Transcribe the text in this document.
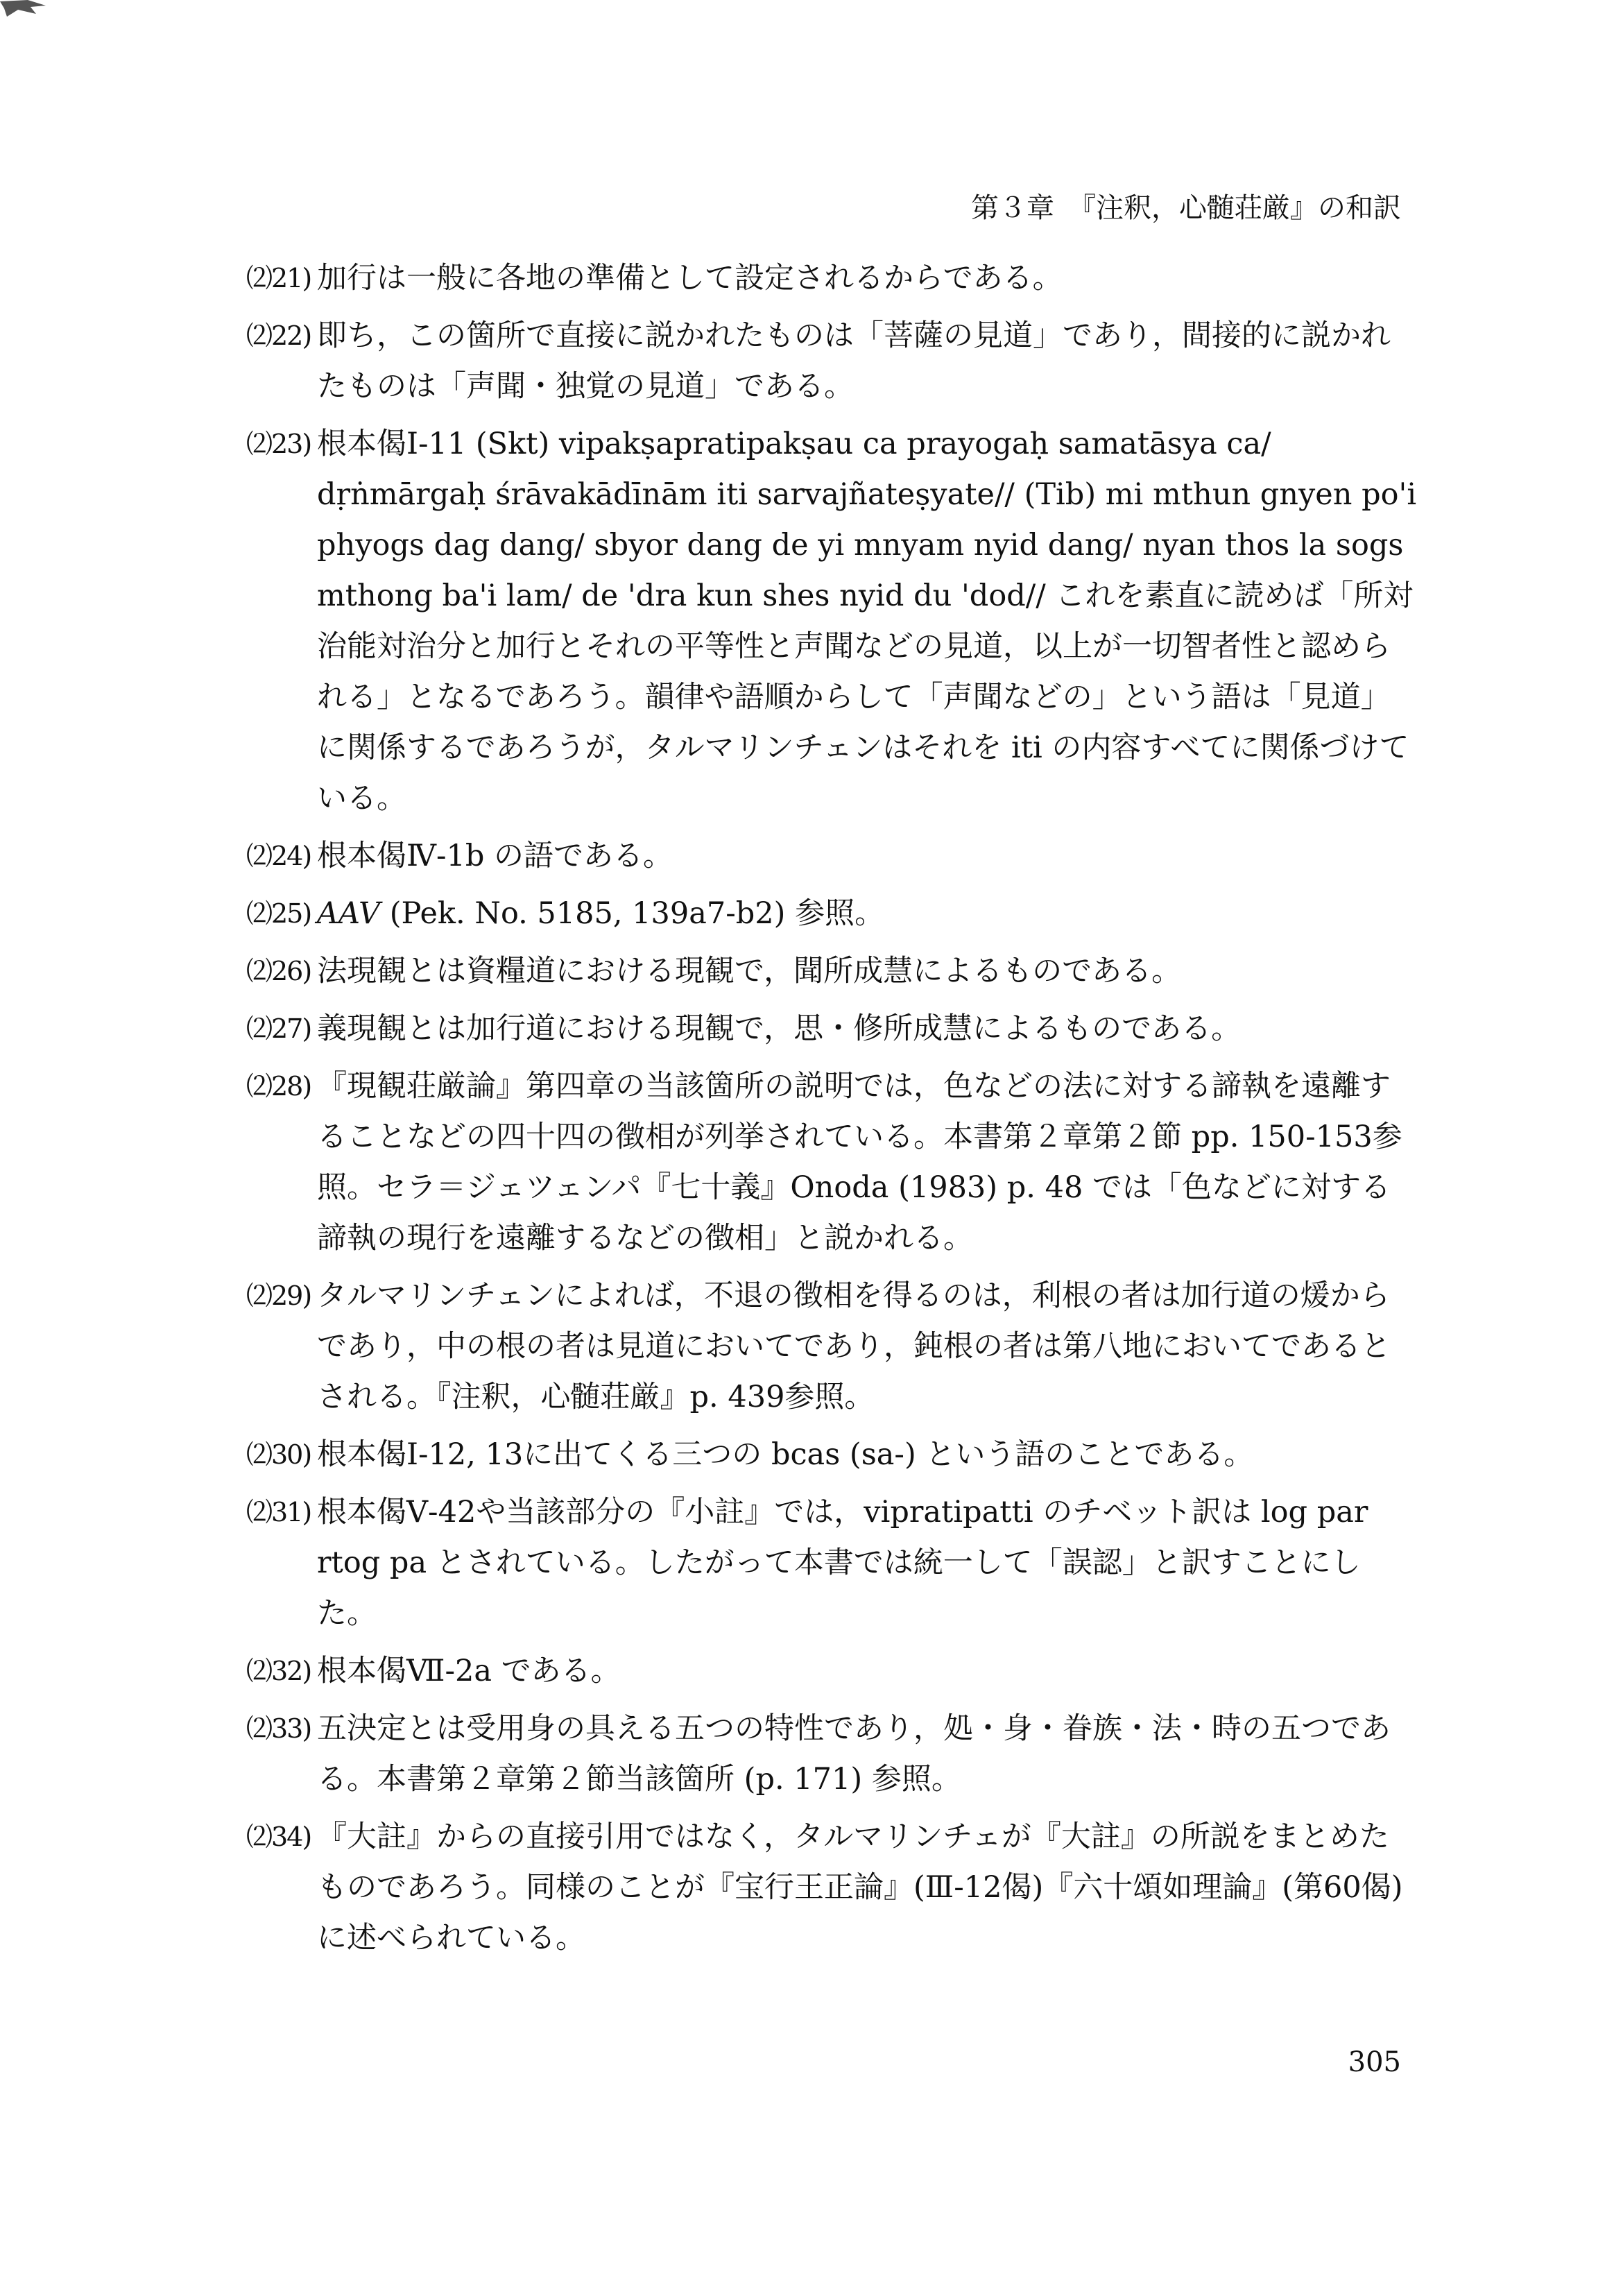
第３章　『注釈，心髄荘厳』の和訳
⑵21) 加行は一般に各地の準備として設定されるからである。
⑵22) 即ち，この箇所で直接に説かれたものは「菩薩の見道」であり，間接的に説かれたものは「声聞・独覚の見道」である。
⑵23) 根本偈Ⅰ-11 (Skt) vipakṣapratipakṣau ca prayogaḥ samatāsya ca/ dṛṅmārgaḥ śrāvakādīnām iti sarvajñateṣyate// (Tib) mi mthun gnyen po'i phyogs dag dang/ sbyor dang de yi mnyam nyid dang/ nyan thos la sogs mthong ba'i lam/ de 'dra kun shes nyid du 'dod// これを素直に読めば「所対治能対治分と加行とそれの平等性と声聞などの見道，以上が一切智者性と認められる」となるであろう。韻律や語順からして「声聞などの」という語は「見道」に関係するであろうが，タルマリンチェンはそれを iti の内容すべてに関係づけている。
⑵24) 根本偈Ⅳ-1b の語である。
⑵25) AAV (Pek. No. 5185, 139a7-b2) 参照。
⑵26) 法現観とは資糧道における現観で，聞所成慧によるものである。
⑵27) 義現観とは加行道における現観で，思・修所成慧によるものである。
⑵28) 『現観荘厳論』第四章の当該箇所の説明では，色などの法に対する諦執を遠離することなどの四十四の徴相が列挙されている。本書第２章第２節 pp. 150-153参照。セラ＝ジェツェンパ『七十義』Onoda (1983) p. 48 では「色などに対する諦執の現行を遠離するなどの徴相」と説かれる。
⑵29) タルマリンチェンによれば，不退の徴相を得るのは，利根の者は加行道の煖からであり，中の根の者は見道においてであり，鈍根の者は第八地においてであるとされる。『注釈，心髄荘厳』p. 439参照。
⑵30) 根本偈Ⅰ-12, 13に出てくる三つの bcas (sa-) という語のことである。
⑵31) 根本偈Ⅴ-42や当該部分の『小註』では，vipratipatti のチベット訳は log par rtog pa とされている。したがって本書では統一して「誤認」と訳すことにした。
⑵32) 根本偈Ⅶ-2a である。
⑵33) 五決定とは受用身の具える五つの特性であり，処・身・眷族・法・時の五つである。本書第２章第２節当該箇所 (p. 171) 参照。
⑵34) 『大註』からの直接引用ではなく，タルマリンチェが『大註』の所説をまとめたものであろう。同様のことが『宝行王正論』(Ⅲ-12偈)『六十頌如理論』(第60偈) に述べられている。
305
